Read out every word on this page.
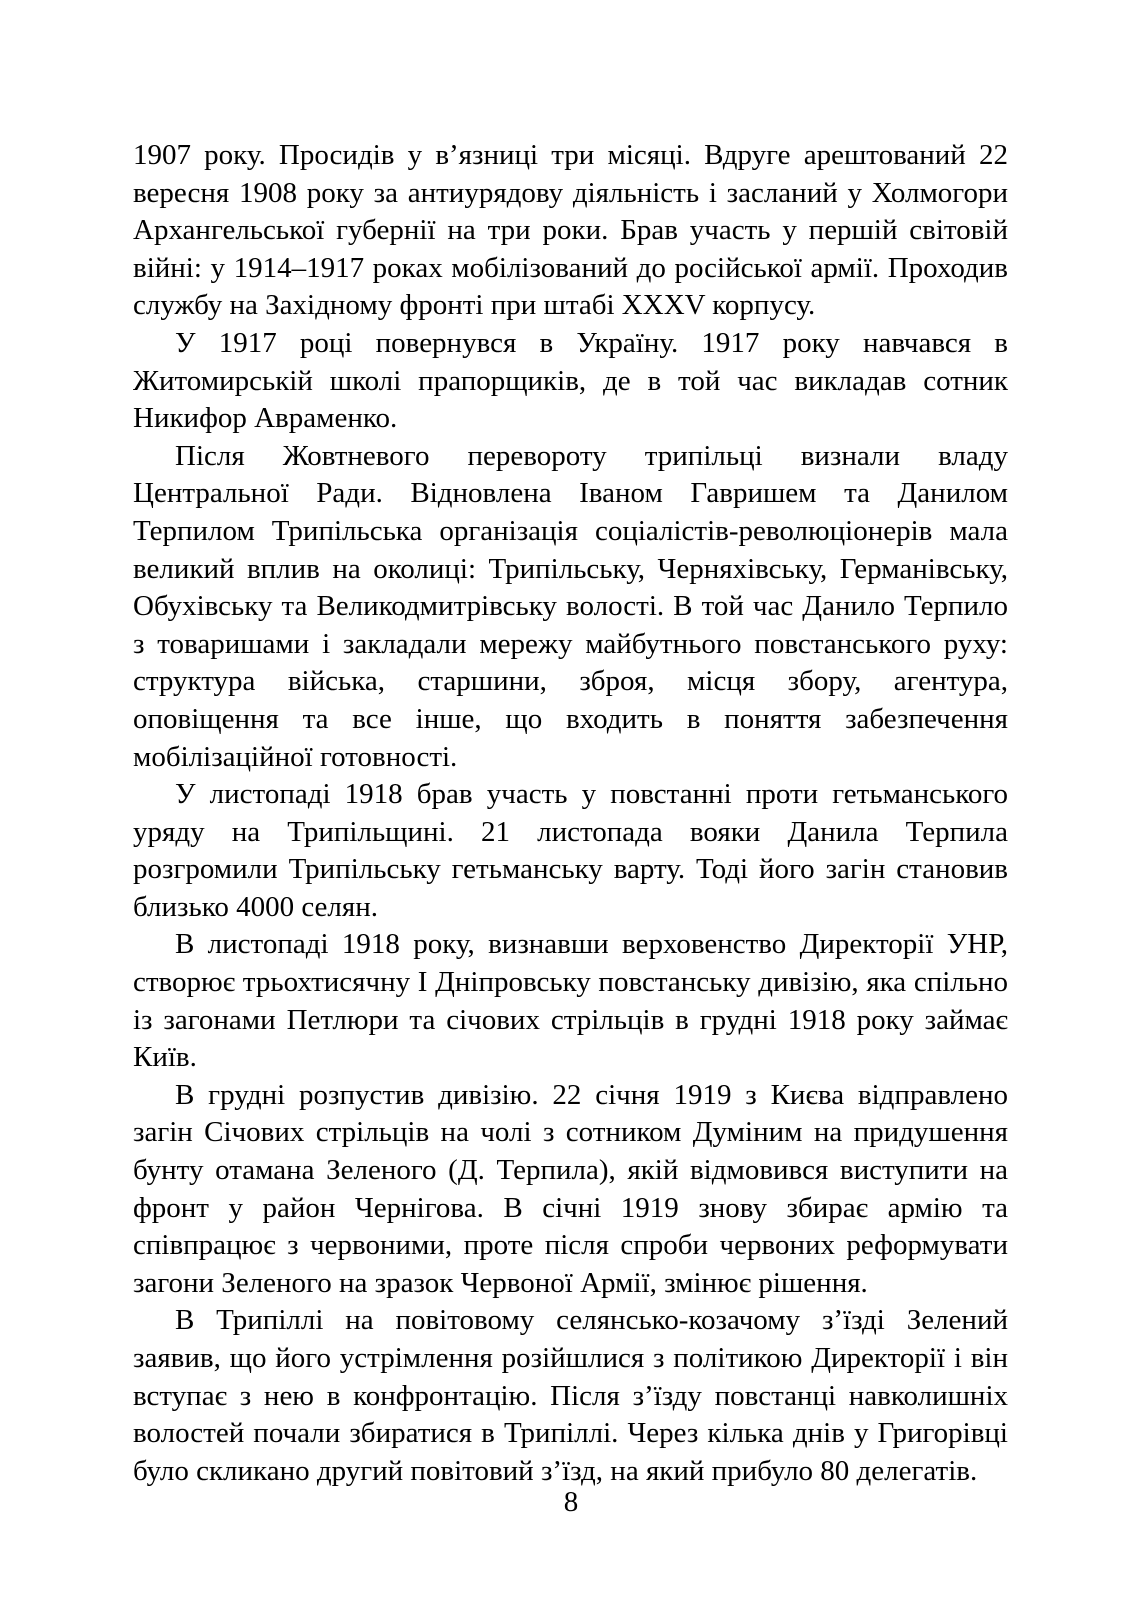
1907 року. Просидів у в’язниці три місяці. Вдруге арештований 22 вересня 1908 року за антиурядову діяльність і засланий у Холмогори Архангельської губернії на три роки. Брав участь у першій світовій війні: у 1914–1917 роках мобілізований до російської армії. Проходив службу на Західному фронті при штабі XXXV корпусу.

У 1917 році повернувся в Україну. 1917 року навчався в Житомирській школі прапорщиків, де в той час викладав сотник Никифор Авраменко.

Після Жовтневого перевороту трипільці визнали владу Центральної Ради. Відновлена Іваном Гавришем та Данилом Терпилом Трипільська організація соціалістів-революціонерів мала великий вплив на околиці: Трипільську, Черняхівську, Германівську, Обухівську та Великодмитрівську волості. В той час Данило Терпило з товаришами і закладали мережу майбутнього повстанського руху: структура війська, старшини, зброя, місця збору, агентура, оповіщення та все інше, що входить в поняття забезпечення мобілізаційної готовності.

У листопаді 1918 брав участь у повстанні проти гетьманського уряду на Трипільщині. 21 листопада вояки Данила Терпила розгромили Трипільську гетьманську варту. Тоді його загін становив близько 4000 селян.

В листопаді 1918 року, визнавши верховенство Директорії УНР, створює трьохтисячну І Дніпровську повстанську дивізію, яка спільно із загонами Петлюри та січових стрільців в грудні 1918 року займає Київ.

В грудні розпустив дивізію. 22 січня 1919 з Києва відправлено загін Січових стрільців на чолі з сотником Думіним на придушення бунту отамана Зеленого (Д. Терпила), якій відмовився виступити на фронт у район Чернігова. В січні 1919 знову збирає армію та співпрацює з червоними, проте після спроби червоних реформувати загони Зеленого на зразок Червоної Армії, змінює рішення.

В Трипіллі на повітовому селянсько-козачому з’їзді Зелений заявив, що його устрімлення розійшлися з політикою Директорії і він вступає з нею в конфронтацію. Після з’їзду повстанці навколишніх волостей почали збиратися в Трипіллі. Через кілька днів у Григорівці було скликано другий повітовий з’їзд, на який прибуло 80 делегатів.

8
